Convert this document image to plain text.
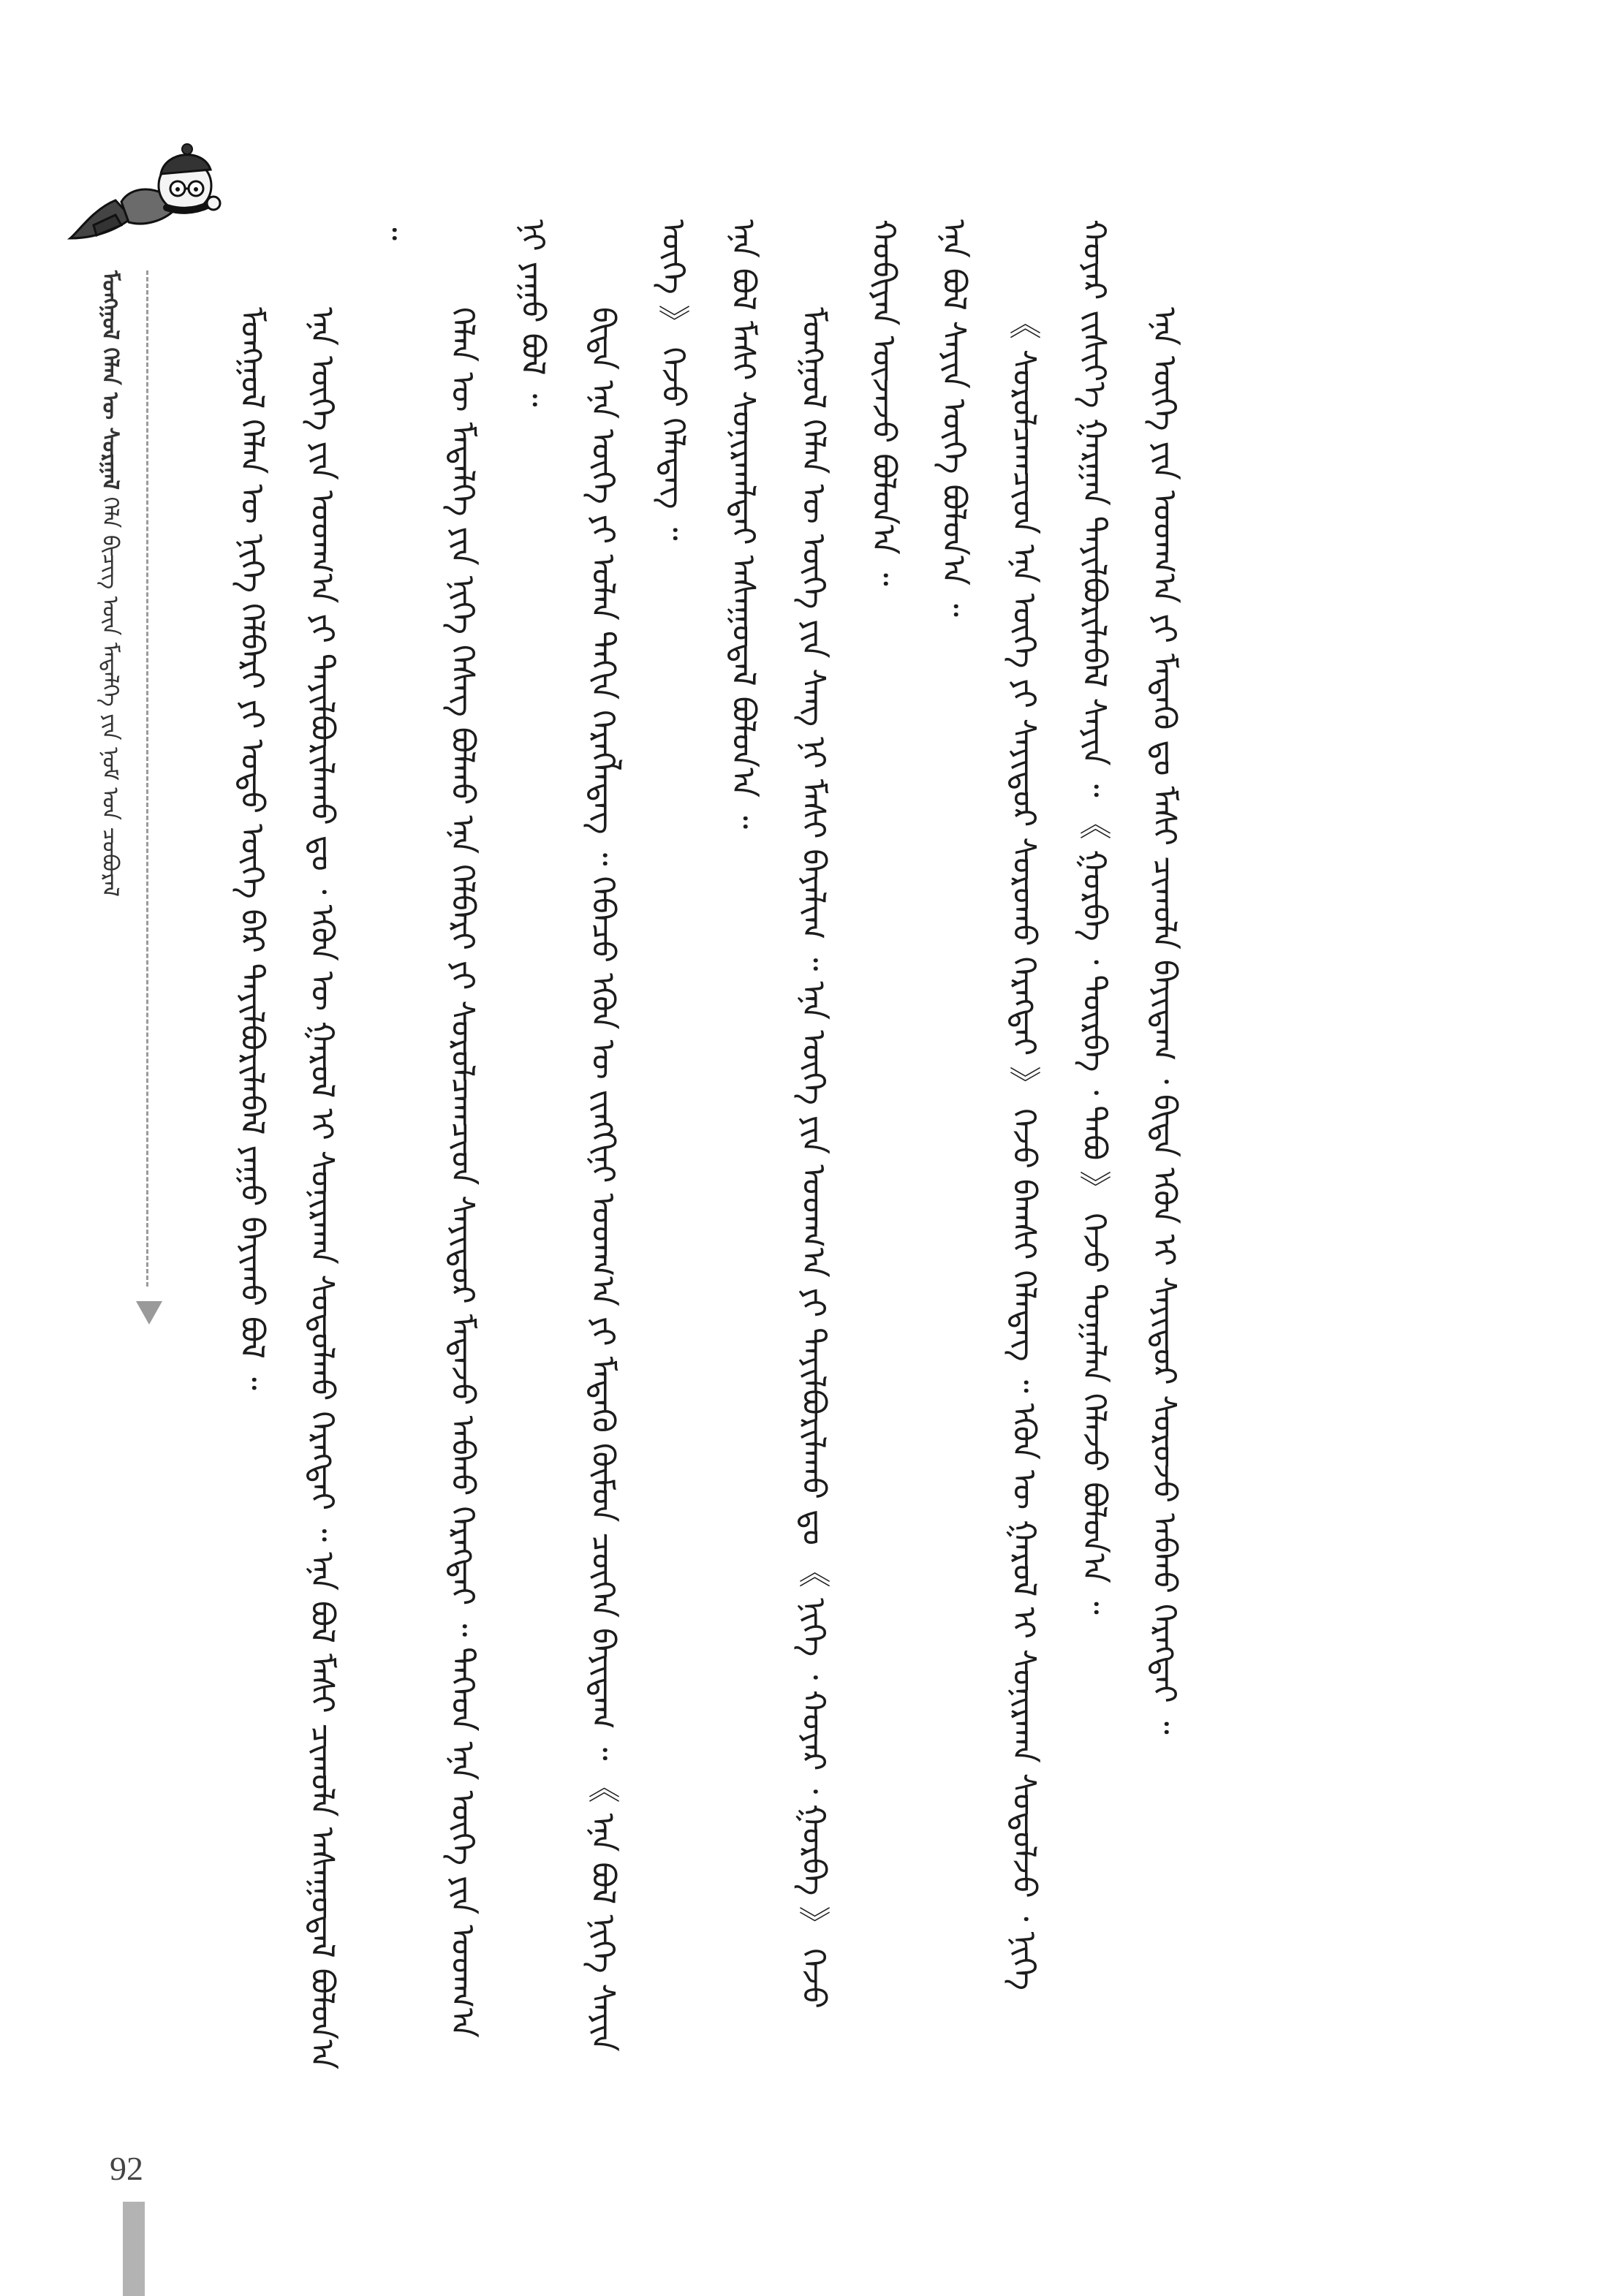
ᠮᠣᠩᠭᠣᠯ ᠬᠡᠯᠡᠨ ᠦ ᠨᠢᠭᠡ ᠬᠡᠯᠪᠡᠷᠢ ᠶᠢ ᠣᠳᠣ ᠦᠭᠡ ᠪᠡᠷ ᠲᠠᠶᠢᠯᠪᠤᠷᠢᠯᠠᠪᠠᠯ ᠶᠠᠭᠤ ᠪᠠᠶᠢᠬᠤ ᠪᠣᠯ ᠃	ᠡᠨᠡ ᠦᠭᠡ ᠶᠢᠨ ᠤᠳᠬ᠎ᠠ ᠶᠢ ᠲᠠᠶᠢᠯᠪᠤᠷᠢᠯᠠᠬᠤ ᠳᠤ ᠂ ᠡᠭᠦᠨ ᠦ ᠭᠠᠷᠤᠯ ᠢ ᠰᠣᠨᠢᠷᠬᠠᠨ ᠰᠤᠳᠤᠯᠬᠤ ᠬᠡᠷᠡᠭᠲᠡᠢ ᠃ ᠡᠨᠡ ᠪᠣᠯ ᠮᠠᠰᠢ ᠴᠢᠬᠤᠯᠠ ᠠᠰᠠᠭᠤᠳᠠᠯ ᠪᠣᠯᠤᠨ᠎ᠠ ᠃

ᠬᠡᠯᠡᠨ ᠦ ᠮᠡᠳᠡᠯᠭᠡ ᠶᠢᠨ ᠨᠢᠭᠡ ᠬᠡᠰᠡᠭ ᠪᠣᠯᠬᠤ ᠡᠨᠡ ᠬᠡᠯᠪᠡᠷᠢ ᠶᠢ ᠰᠤᠷᠤᠯᠴᠠᠭᠴᠢᠳ ᠰᠠᠶᠢᠲᠤᠷ ᠮᠡᠳᠡᠵᠦ ᠠᠪᠬᠤ ᠬᠡᠷᠡᠭᠲᠡᠢ ᠃ ᠲᠡᠭᠡᠳ ᠡᠨᠡ ᠦᠭᠡ ᠶᠢᠨ ᠤᠳᠬ᠎ᠠ ᠨᠢ ᠶᠠᠭᠤ ᠪᠣᠯ ᠃	ᠪᠢᠳᠡ ᠡᠨᠡ ᠦᠭᠡ ᠶᠢ ᠣᠯᠠᠨ ᠳᠠᠬᠢᠨ ᠬᠡᠷᠡᠭᠯᠡᠳᠡᠭ ᠃ ᠭᠡᠪᠡᠴᠦ ᠡᠭᠦᠨ ᠦ ᠵᠢᠩᠬᠢᠨᠢ ᠤᠳᠬ᠎ᠠ ᠶᠢ ᠮᠡᠳᠡᠬᠦ ᠬᠦᠮᠦᠨ ᠴᠥᠭᠡᠨ ᠪᠠᠶᠢᠳᠠᠭ ᠃ 《 ᠡᠨᠡ ᠪᠣᠯ ᠨᠢᠭᠡ ᠰᠠᠶᠢᠨ ᠦᠭᠡ 》 ᠭᠡᠵᠦ ᠬᠡᠯᠡᠳᠡᠭ ᠃	ᠡᠨᠡ ᠪᠣᠯ ᠮᠠᠰᠢ ᠰᠣᠨᠢᠷᠬᠠᠯᠲᠠᠢ ᠠᠰᠠᠭᠤᠳᠠᠯ ᠪᠣᠯᠤᠨ᠎ᠠ ᠃	ᠮᠣᠩᠭᠣᠯ ᠬᠡᠯᠡᠨ ᠦ ᠦᠭᠡ ᠶᠢᠨ ᠰᠠᠩ ᠨᠢ ᠮᠠᠰᠢ ᠪᠠᠶᠠᠯᠢᠭ ᠃ ᠡᠨᠡ ᠦᠭᠡ ᠶᠢᠨ ᠤᠳᠬ᠎ᠠ ᠶᠢ ᠲᠠᠶᠢᠯᠪᠤᠷᠢᠯᠠᠬᠤ ᠳᠤ 《 ᠨᠢᠭᠡ ᠂ ᠬᠣᠶᠠᠷ ᠂ ᠭᠤᠷᠪᠠ 》 ᠭᠡᠵᠦ ᠬᠤᠪᠢᠶᠠᠨ ᠦᠵᠡᠵᠦ ᠪᠣᠯᠤᠨ᠎ᠠ ᠃	ᠡᠨᠡ ᠪᠣᠯ ᠰᠠᠶᠢᠨ ᠦᠭᠡ ᠪᠣᠯᠤᠨ᠎ᠠ ᠃	《 ᠰᠤᠷᠤᠯᠴᠠᠭᠴᠢᠳ ᠡᠨᠡ ᠦᠭᠡ ᠶᠢ ᠰᠠᠶᠢᠲᠤᠷ ᠰᠤᠷᠤᠬᠤ ᠬᠡᠷᠡᠭᠲᠡᠢ 》 ᠭᠡᠵᠦ ᠪᠠᠭᠰᠢ ᠬᠡᠯᠡᠳᠡᠭ ᠃ ᠡᠭᠦᠨ ᠦ ᠭᠠᠷᠤᠯ ᠢ ᠰᠣᠨᠢᠷᠬᠠᠨ ᠰᠤᠳᠤᠯᠵᠤ ᠂ ᠨᠢᠭᠡ ᠬᠣᠶᠠᠷ ᠵᠢᠱᠢᠶ᠎ᠡ ᠭᠠᠷᠭᠠᠨ ᠲᠠᠶᠢᠯᠪᠤᠷᠢᠯᠠᠪᠠᠯ ᠰᠠᠶᠢᠨ ᠃ 《 ᠭᠤᠷᠪᠠ ᠂ ᠳᠥᠷᠪᠡ ᠂ ᠲᠠᠪᠤ 》 ᠭᠡᠵᠦ ᠲᠣᠭᠠᠯᠠᠨ ᠬᠡᠯᠡᠵᠦ ᠪᠣᠯᠤᠨ᠎ᠠ ᠃	ᠡᠨᠡ ᠦᠭᠡ ᠶᠢᠨ ᠤᠳᠬ᠎ᠠ ᠶᠢ ᠮᠡᠳᠡᠬᠦ ᠳᠤ ᠮᠠᠰᠢ ᠴᠢᠬᠤᠯᠠ ᠪᠠᠶᠢᠳᠠᠭ ᠂ ᠪᠢᠳᠡ ᠡᠭᠦᠨ ᠢ ᠰᠠᠶᠢᠲᠤᠷ ᠰᠤᠷᠤᠵᠤ ᠠᠪᠬᠤ ᠬᠡᠷᠡᠭᠲᠡᠢ ᠃

ᠮᠣᠩᠭᠣᠯ ᠬᠡᠯᠡᠨ ᠦ ᠰᠤᠷᠭᠠᠯ ᠬᠡᠯᠡ ᠪᠢᠴᠢᠭ ᠦᠨ ᠮᠡᠳᠡᠯᠭᠡ ᠶᠢᠨ ᠨᠣᠮ ᠤᠨ ᠴᠤᠪᠤᠷᠠᠯ
92
